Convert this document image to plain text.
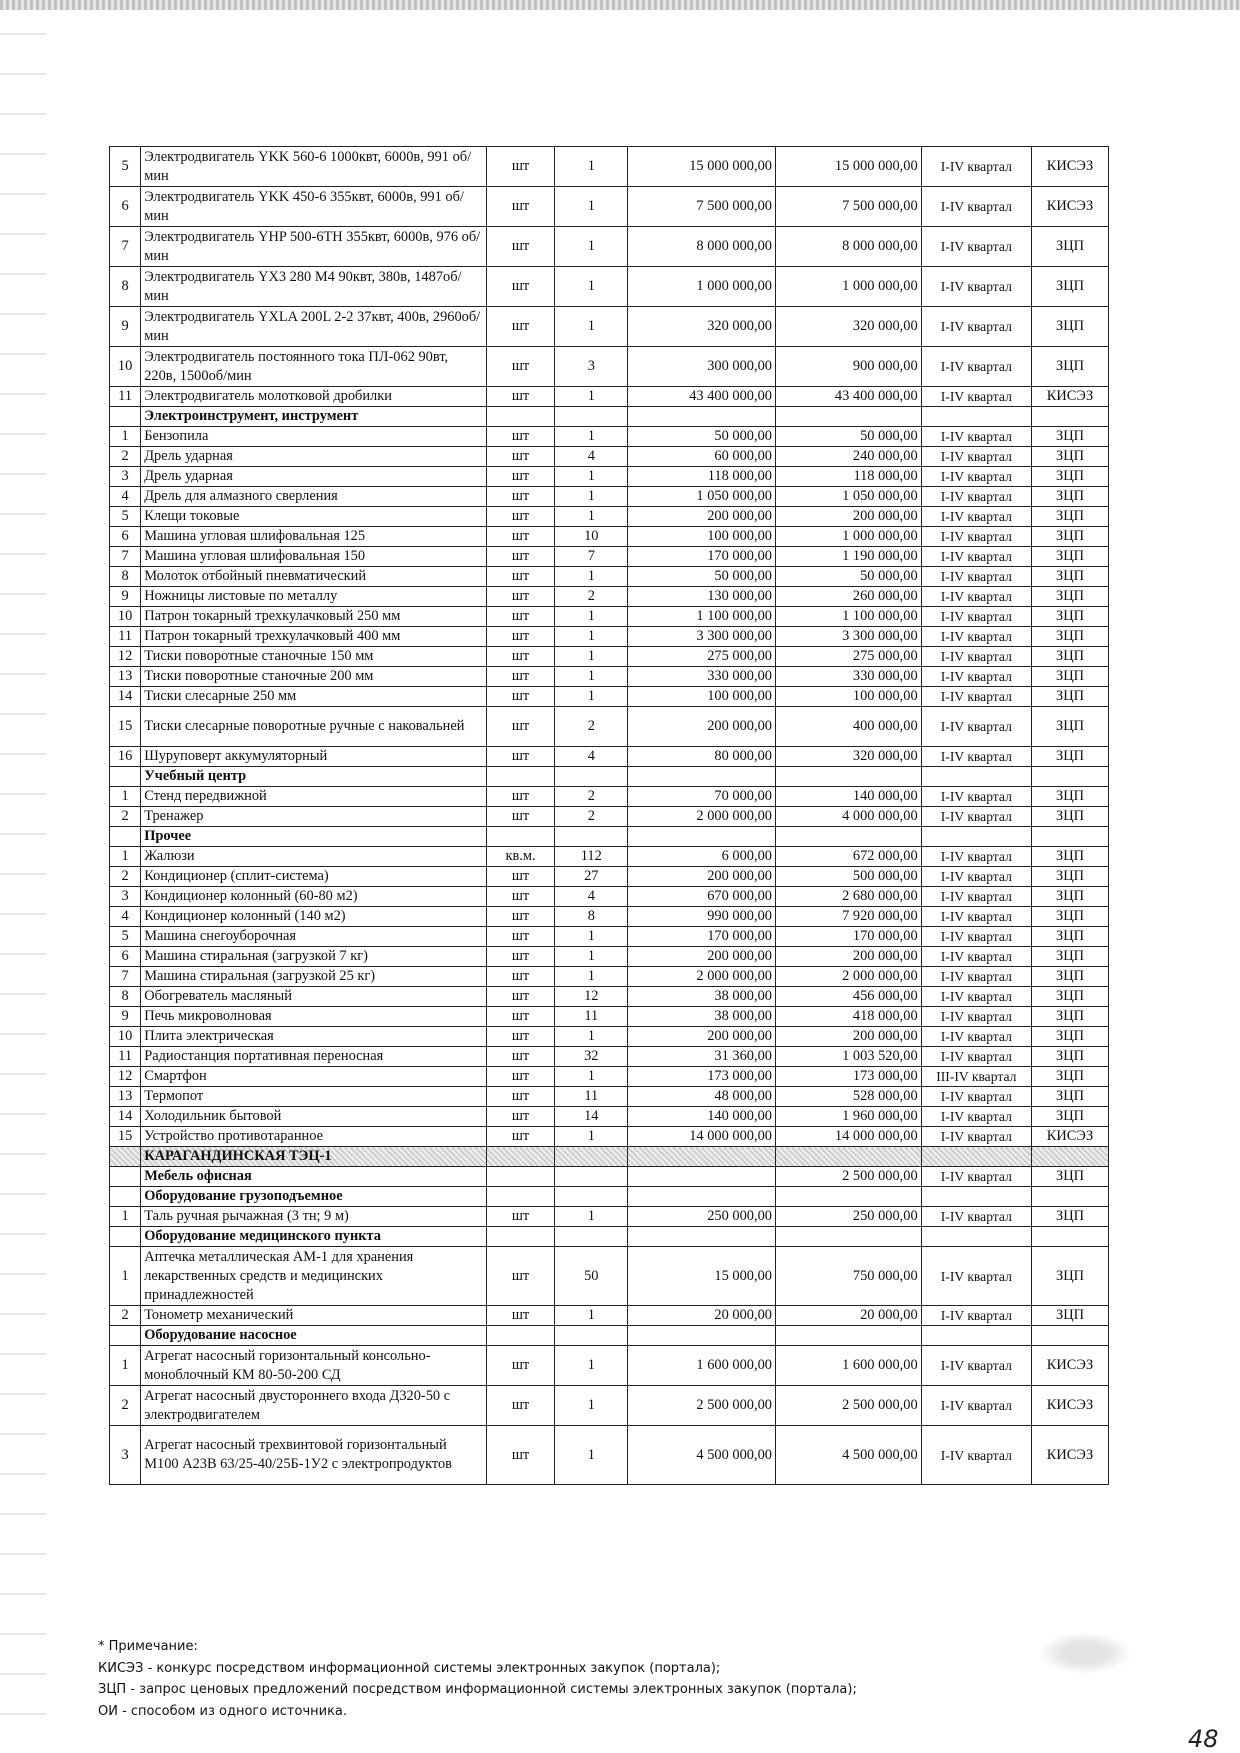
5	Электродвигатель YKK 560-6 1000квт, 6000в, 991 об/мин	шт	1	15 000 000,00	15 000 000,00	I-IV квартал	КИСЭЗ
6	Электродвигатель YKK 450-6 355квт, 6000в, 991 об/мин	шт	1	7 500 000,00	7 500 000,00	I-IV квартал	КИСЭЗ
7	Электродвигатель YHP 500-6TH 355квт, 6000в, 976 об/мин	шт	1	8 000 000,00	8 000 000,00	I-IV квартал	ЗЦП
8	Электродвигатель YX3 280 M4 90квт, 380в, 1487об/мин	шт	1	1 000 000,00	1 000 000,00	I-IV квартал	ЗЦП
9	Электродвигатель YXLA 200L 2-2 37квт, 400в, 2960об/мин	шт	1	320 000,00	320 000,00	I-IV квартал	ЗЦП
10	Электродвигатель постоянного тока ПЛ-062 90вт, 220в, 1500об/мин	шт	3	300 000,00	900 000,00	I-IV квартал	ЗЦП
11	Электродвигатель молотковой дробилки	шт	1	43 400 000,00	43 400 000,00	I-IV квартал	КИСЭЗ
	Электроинструмент, инструмент						
1	Бензопила	шт	1	50 000,00	50 000,00	I-IV квартал	ЗЦП
2	Дрель ударная	шт	4	60 000,00	240 000,00	I-IV квартал	ЗЦП
3	Дрель ударная	шт	1	118 000,00	118 000,00	I-IV квартал	ЗЦП
4	Дрель для алмазного сверления	шт	1	1 050 000,00	1 050 000,00	I-IV квартал	ЗЦП
5	Клещи токовые	шт	1	200 000,00	200 000,00	I-IV квартал	ЗЦП
6	Машина угловая шлифовальная 125	шт	10	100 000,00	1 000 000,00	I-IV квартал	ЗЦП
7	Машина угловая шлифовальная 150	шт	7	170 000,00	1 190 000,00	I-IV квартал	ЗЦП
8	Молоток отбойный пневматический	шт	1	50 000,00	50 000,00	I-IV квартал	ЗЦП
9	Ножницы листовые по металлу	шт	2	130 000,00	260 000,00	I-IV квартал	ЗЦП
10	Патрон токарный трехкулачковый 250 мм	шт	1	1 100 000,00	1 100 000,00	I-IV квартал	ЗЦП
11	Патрон токарный трехкулачковый 400 мм	шт	1	3 300 000,00	3 300 000,00	I-IV квартал	ЗЦП
12	Тиски поворотные станочные 150 мм	шт	1	275 000,00	275 000,00	I-IV квартал	ЗЦП
13	Тиски поворотные станочные 200 мм	шт	1	330 000,00	330 000,00	I-IV квартал	ЗЦП
14	Тиски слесарные 250 мм	шт	1	100 000,00	100 000,00	I-IV квартал	ЗЦП
15	Тиски слесарные поворотные ручные с наковальней	шт	2	200 000,00	400 000,00	I-IV квартал	ЗЦП
16	Шуруповерт аккумуляторный	шт	4	80 000,00	320 000,00	I-IV квартал	ЗЦП
	Учебный центр						
1	Стенд передвижной	шт	2	70 000,00	140 000,00	I-IV квартал	ЗЦП
2	Тренажер	шт	2	2 000 000,00	4 000 000,00	I-IV квартал	ЗЦП
	Прочее						
1	Жалюзи	кв.м.	112	6 000,00	672 000,00	I-IV квартал	ЗЦП
2	Кондиционер (сплит-система)	шт	27	200 000,00	500 000,00	I-IV квартал	ЗЦП
3	Кондиционер колонный (60-80 м2)	шт	4	670 000,00	2 680 000,00	I-IV квартал	ЗЦП
4	Кондиционер колонный (140 м2)	шт	8	990 000,00	7 920 000,00	I-IV квартал	ЗЦП
5	Машина снегоуборочная	шт	1	170 000,00	170 000,00	I-IV квартал	ЗЦП
6	Машина стиральная (загрузкой 7 кг)	шт	1	200 000,00	200 000,00	I-IV квартал	ЗЦП
7	Машина стиральная (загрузкой 25 кг)	шт	1	2 000 000,00	2 000 000,00	I-IV квартал	ЗЦП
8	Обогреватель масляный	шт	12	38 000,00	456 000,00	I-IV квартал	ЗЦП
9	Печь микроволновая	шт	11	38 000,00	418 000,00	I-IV квартал	ЗЦП
10	Плита электрическая	шт	1	200 000,00	200 000,00	I-IV квартал	ЗЦП
11	Радиостанция портативная переносная	шт	32	31 360,00	1 003 520,00	I-IV квартал	ЗЦП
12	Смартфон	шт	1	173 000,00	173 000,00	III-IV квартал	ЗЦП
13	Термопот	шт	11	48 000,00	528 000,00	I-IV квартал	ЗЦП
14	Холодильник бытовой	шт	14	140 000,00	1 960 000,00	I-IV квартал	ЗЦП
15	Устройство противотаранное	шт	1	14 000 000,00	14 000 000,00	I-IV квартал	КИСЭЗ
	КАРАГАНДИНСКАЯ ТЭЦ-1						
	Мебель офисная				2 500 000,00	I-IV квартал	ЗЦП
	Оборудование грузоподъемное						
1	Таль ручная рычажная (3 тн; 9 м)	шт	1	250 000,00	250 000,00	I-IV квартал	ЗЦП
	Оборудование медицинского пункта						
1	Аптечка металлическая АМ-1 для хранения лекарственных средств и медицинских принадлежностей	шт	50	15 000,00	750 000,00	I-IV квартал	ЗЦП
2	Тонометр механический	шт	1	20 000,00	20 000,00	I-IV квартал	ЗЦП
	Оборудование насосное						
1	Агрегат насосный горизонтальный консольно-моноблочный КМ 80-50-200 СД	шт	1	1 600 000,00	1 600 000,00	I-IV квартал	КИСЭЗ
2	Агрегат насосный двустороннего входа Д320-50 с электродвигателем	шт	1	2 500 000,00	2 500 000,00	I-IV квартал	КИСЭЗ
3	Агрегат насосный трехвинтовой горизонтальный М100 А23В 63/25-40/25Б-1У2 с электропродуктов	шт	1	4 500 000,00	4 500 000,00	I-IV квартал	КИСЭЗ
* Примечание:
КИСЭЗ - конкурс посредством информационной системы электронных закупок (портала);
ЗЦП - запрос ценовых предложений посредством информационной системы электронных закупок (портала);
ОИ - способом из одного источника.
48
